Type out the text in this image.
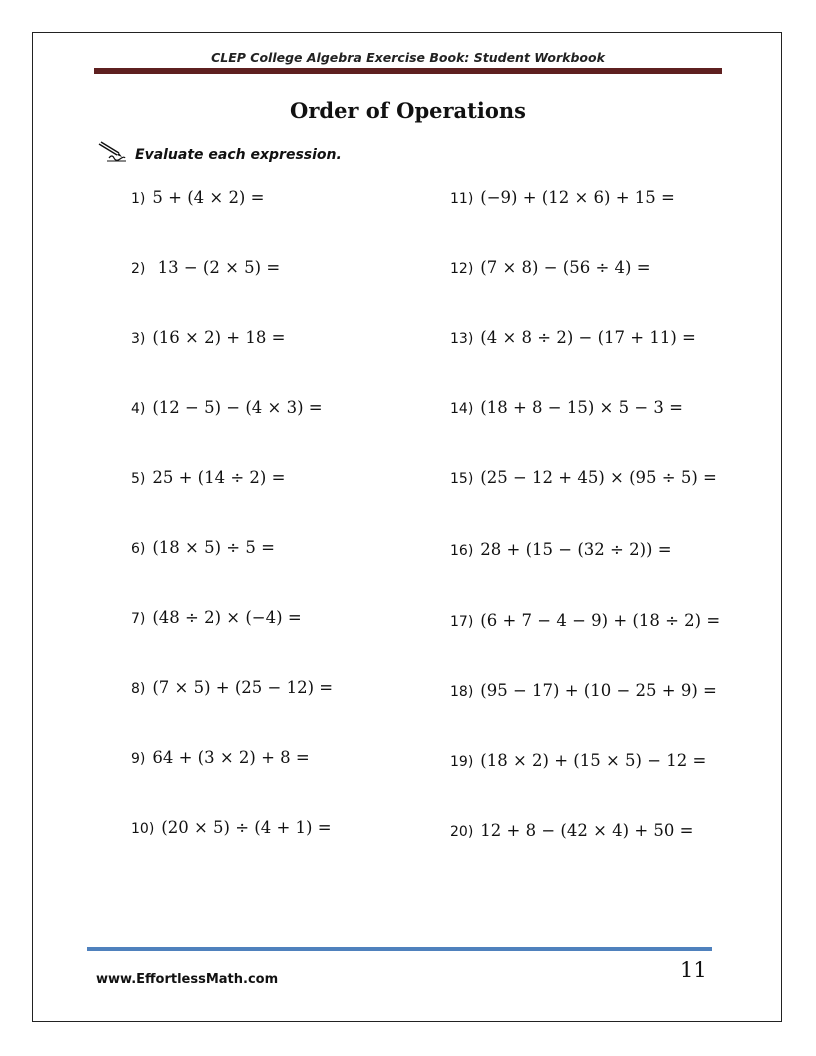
CLEP College Algebra Exercise Book: Student Workbook
Order of Operations
Evaluate each expression.
1) 5 + (4 × 2) =
2) 13 − (2 × 5) =
3) (16 × 2) + 18 =
4) (12 − 5) − (4 × 3) =
5) 25 + (14 ÷ 2) =
6) (18 × 5) ÷ 5 =
7) (48 ÷ 2) × (−4) =
8) (7 × 5) + (25 − 12) =
9) 64 + (3 × 2) + 8 =
10) (20 × 5) ÷ (4 + 1) =
11) (−9) + (12 × 6) + 15 =
12) (7 × 8) − (56 ÷ 4) =
13) (4 × 8 ÷ 2) − (17 + 11) =
14) (18 + 8 − 15) × 5 − 3 =
15) (25 − 12 + 45) × (95 ÷ 5) =
16) 28 + (15 − (32 ÷ 2)) =
17) (6 + 7 − 4 − 9) + (18 ÷ 2) =
18) (95 − 17) + (10 − 25 + 9) =
19) (18 × 2) + (15 × 5) − 12 =
20) 12 + 8 − (42 × 4) + 50 =
www.EffortlessMath.com	11
